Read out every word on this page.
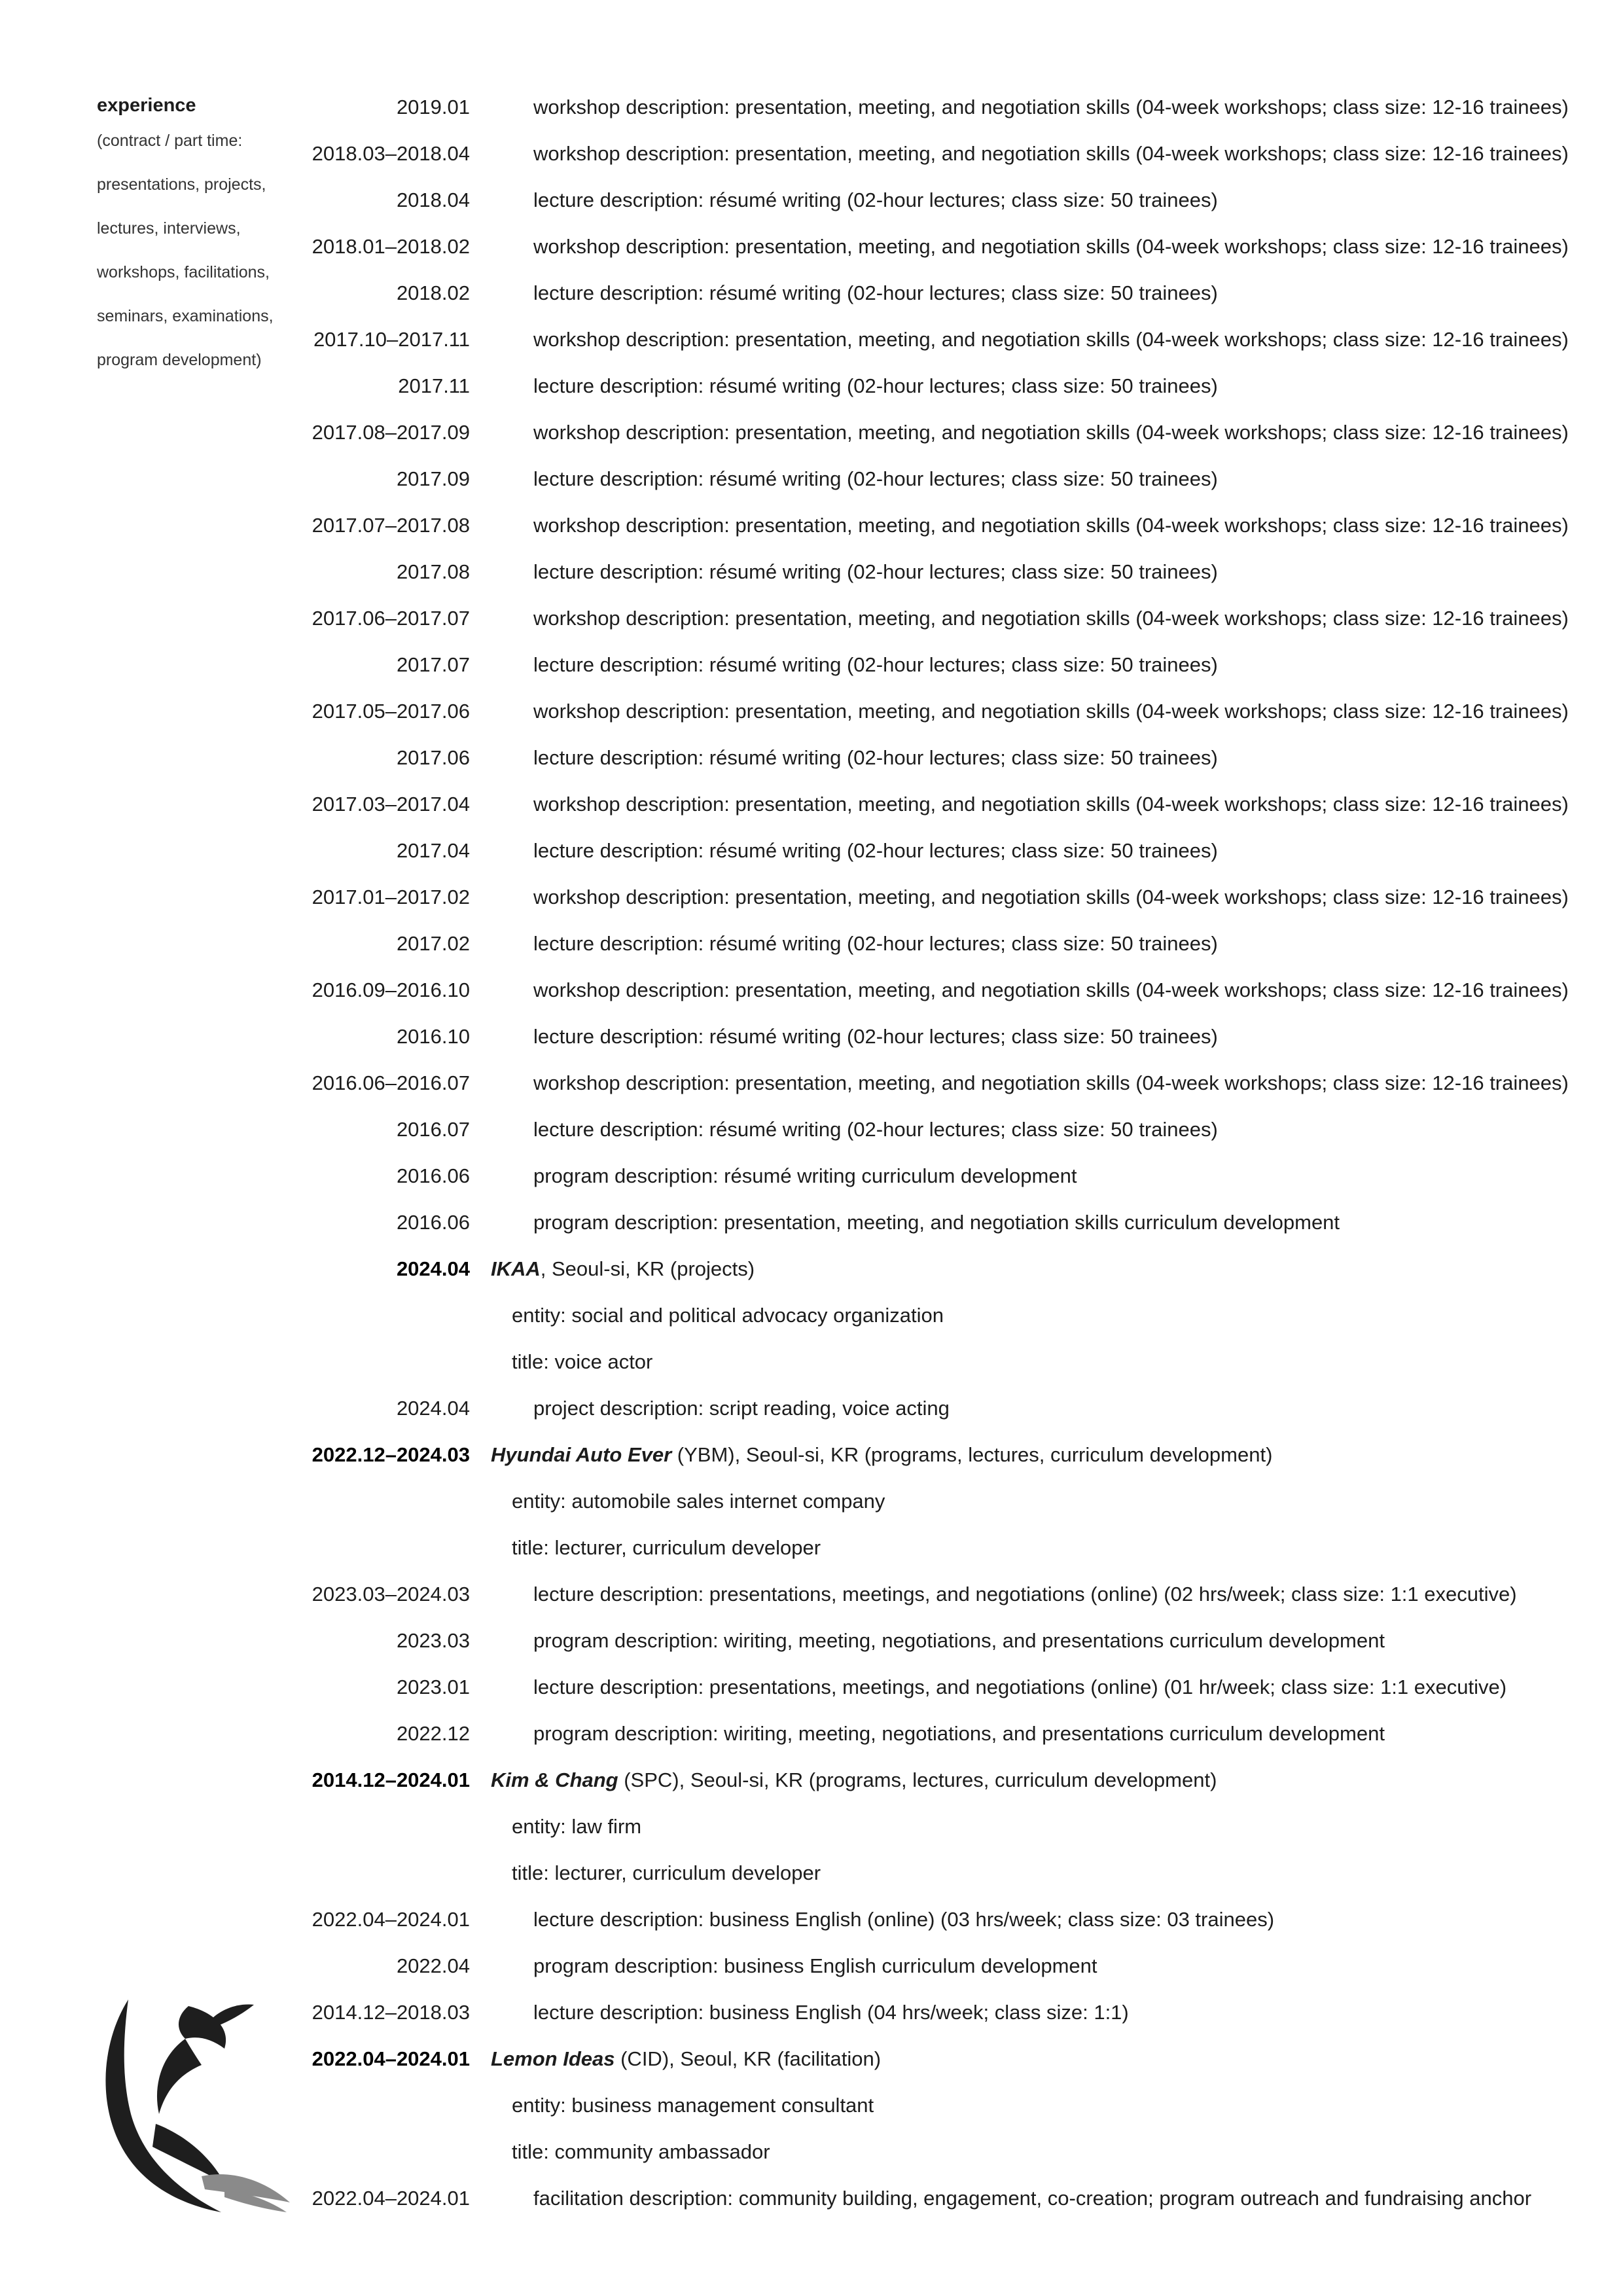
experience
(contract / part time:
presentations, projects,
lectures, interviews,
workshops, facilitations,
seminars, examinations,
program development)
2019.01	workshop description: presentation, meeting, and negotiation skills (04-week workshops; class size: 12-16 trainees)
2018.03–2018.04	workshop description: presentation, meeting, and negotiation skills (04-week workshops; class size: 12-16 trainees)
2018.04	lecture description: résumé writing (02-hour lectures; class size: 50 trainees)
2018.01–2018.02	workshop description: presentation, meeting, and negotiation skills (04-week workshops; class size: 12-16 trainees)
2018.02	lecture description: résumé writing (02-hour lectures; class size: 50 trainees)
2017.10–2017.11	workshop description: presentation, meeting, and negotiation skills (04-week workshops; class size: 12-16 trainees)
2017.11	lecture description: résumé writing (02-hour lectures; class size: 50 trainees)
2017.08–2017.09	workshop description: presentation, meeting, and negotiation skills (04-week workshops; class size: 12-16 trainees)
2017.09	lecture description: résumé writing (02-hour lectures; class size: 50 trainees)
2017.07–2017.08	workshop description: presentation, meeting, and negotiation skills (04-week workshops; class size: 12-16 trainees)
2017.08	lecture description: résumé writing (02-hour lectures; class size: 50 trainees)
2017.06–2017.07	workshop description: presentation, meeting, and negotiation skills (04-week workshops; class size: 12-16 trainees)
2017.07	lecture description: résumé writing (02-hour lectures; class size: 50 trainees)
2017.05–2017.06	workshop description: presentation, meeting, and negotiation skills (04-week workshops; class size: 12-16 trainees)
2017.06	lecture description: résumé writing (02-hour lectures; class size: 50 trainees)
2017.03–2017.04	workshop description: presentation, meeting, and negotiation skills (04-week workshops; class size: 12-16 trainees)
2017.04	lecture description: résumé writing (02-hour lectures; class size: 50 trainees)
2017.01–2017.02	workshop description: presentation, meeting, and negotiation skills (04-week workshops; class size: 12-16 trainees)
2017.02	lecture description: résumé writing (02-hour lectures; class size: 50 trainees)
2016.09–2016.10	workshop description: presentation, meeting, and negotiation skills (04-week workshops; class size: 12-16 trainees)
2016.10	lecture description: résumé writing (02-hour lectures; class size: 50 trainees)
2016.06–2016.07	workshop description: presentation, meeting, and negotiation skills (04-week workshops; class size: 12-16 trainees)
2016.07	lecture description: résumé writing (02-hour lectures; class size: 50 trainees)
2016.06	program description: résumé writing curriculum development
2016.06	program description: presentation, meeting, and negotiation skills curriculum development
2024.04 IKAA, Seoul-si, KR (projects)
entity: social and political advocacy organization
title: voice actor
2024.04	project description: script reading, voice acting
2022.12–2024.03 Hyundai Auto Ever (YBM), Seoul-si, KR (programs, lectures, curriculum development)
entity: automobile sales internet company
title: lecturer, curriculum developer
2023.03–2024.03	lecture description: presentations, meetings, and negotiations (online) (02 hrs/week; class size: 1:1 executive)
2023.03	program description: wiriting, meeting, negotiations, and presentations curriculum development
2023.01	lecture description: presentations, meetings, and negotiations (online) (01 hr/week; class size: 1:1 executive)
2022.12	program description: wiriting, meeting, negotiations, and presentations curriculum development
2014.12–2024.01 Kim & Chang (SPC), Seoul-si, KR (programs, lectures, curriculum development)
entity: law firm
title: lecturer, curriculum developer
2022.04–2024.01	lecture description: business English (online) (03 hrs/week; class size: 03 trainees)
2022.04	program description: business English curriculum development
2014.12–2018.03	lecture description: business English (04 hrs/week; class size: 1:1)
2022.04–2024.01 Lemon Ideas (CID), Seoul, KR (facilitation)
entity: business management consultant
title: community ambassador
2022.04–2024.01	facilitation description: community building, engagement, co-creation; program outreach and fundraising anchor
